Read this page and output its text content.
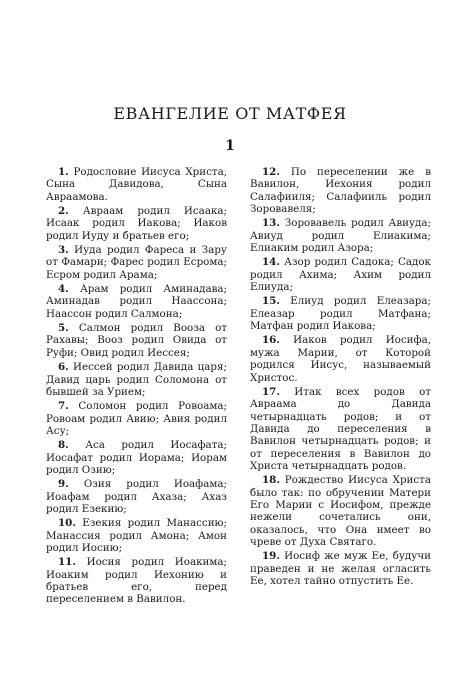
ЕВАНГЕЛИЕ ОТ МАТФЕЯ
1

1. Родословие Иисуса Христа, Сына Давидова, Сына Авраамова.

2. Авраам родил Исаака; Исаак родил Иакова; Иаков родил Иуду и братьев его;

3. Иуда родил Фареса и Зару от Фамари; Фарес родил Есрома; Есром родил Арама;

4. Арам родил Аминадава; Аминадав родил Наассона; Наассон родил Салмона;

5. Салмон родил Вооза от Рахавы; Вооз родил Овида от Руфи; Овид родил Иессея;

6. Иессей родил Давида царя; Давид царь родил Соломона от бывшей за Урием;

7. Соломон родил Ровоама; Ровоам родил Авию; Авия родил Асу;

8. Аса родил Иосафата; Иосафат родил Иорама; Иорам родил Озию;

9. Озия родил Иоафама; Иоафам родил Ахаза; Ахаз родил Езекию;

10. Езекия родил Манассию; Манассия родил Амона; Амон родил Иосию;

11. Иосия родил Иоакима; Иоаким родил Иехонию и братьев его, перед переселением в Вавилон.

12. По переселении же в Вавилон, Иехония родил Салафииля; Салафииль родил Зоровавеля;

13. Зоровавель родил Авиуда; Авиуд родил Елиакима; Елиаким родил Азора;

14. Азор родил Садока; Садок родил Ахима; Ахим родил Елиуда;

15. Елиуд родил Елеазара; Елеазар родил Матфана; Матфан родил Иакова;

16. Иаков родил Иосифа, мужа Марии, от Которой родился Иисус, называемый Христос.

17. Итак всех родов от Авраама до Давида четырнадцать родов; и от Давида до переселения в Вавилон четырнадцать родов; и от переселения в Вавилон до Христа четырнадцать родов.

18. Рождество Иисуса Христа было так: по обручении Матери Его Марии с Иосифом, прежде нежели сочетались они, оказалось, что Она имеет во чреве от Духа Святаго.

19. Иосиф же муж Ее, будучи праведен и не желая огласить Ее, хотел тайно отпустить Ее.
